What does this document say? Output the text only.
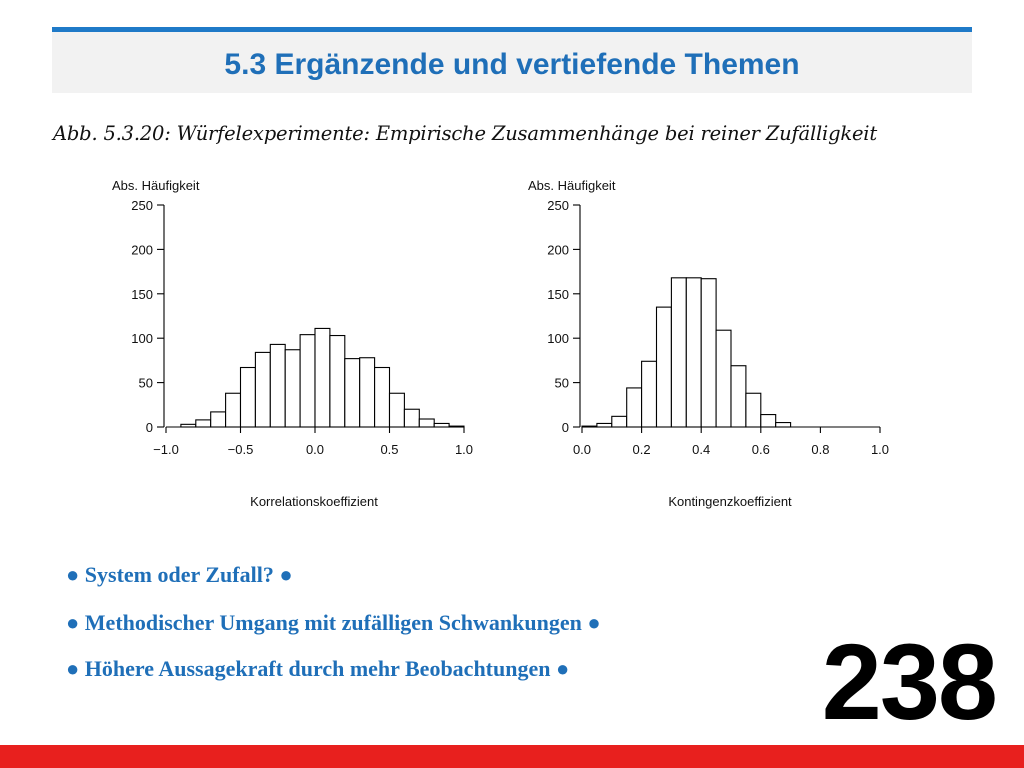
5.3 Ergänzende und vertiefende Themen
Abb. 5.3.20: Würfelexperimente: Empirische Zusammenhänge bei reiner Zufälligkeit
Abs. Häufigkeit
Korrelationskoeffizient
0
50
100
150
200
250
−1.0	−0.5	0.0	0.5	1.0
Abs. Häufigkeit
Kontingenzkoeffizient
0
50
100
150
200
250
0.0	0.2	0.4	0.6	0.8	1.0
● System oder Zufall? ●
● Methodischer Umgang mit zufälligen Schwankungen ●
● Höhere Aussagekraft durch mehr Beobachtungen ● 238
